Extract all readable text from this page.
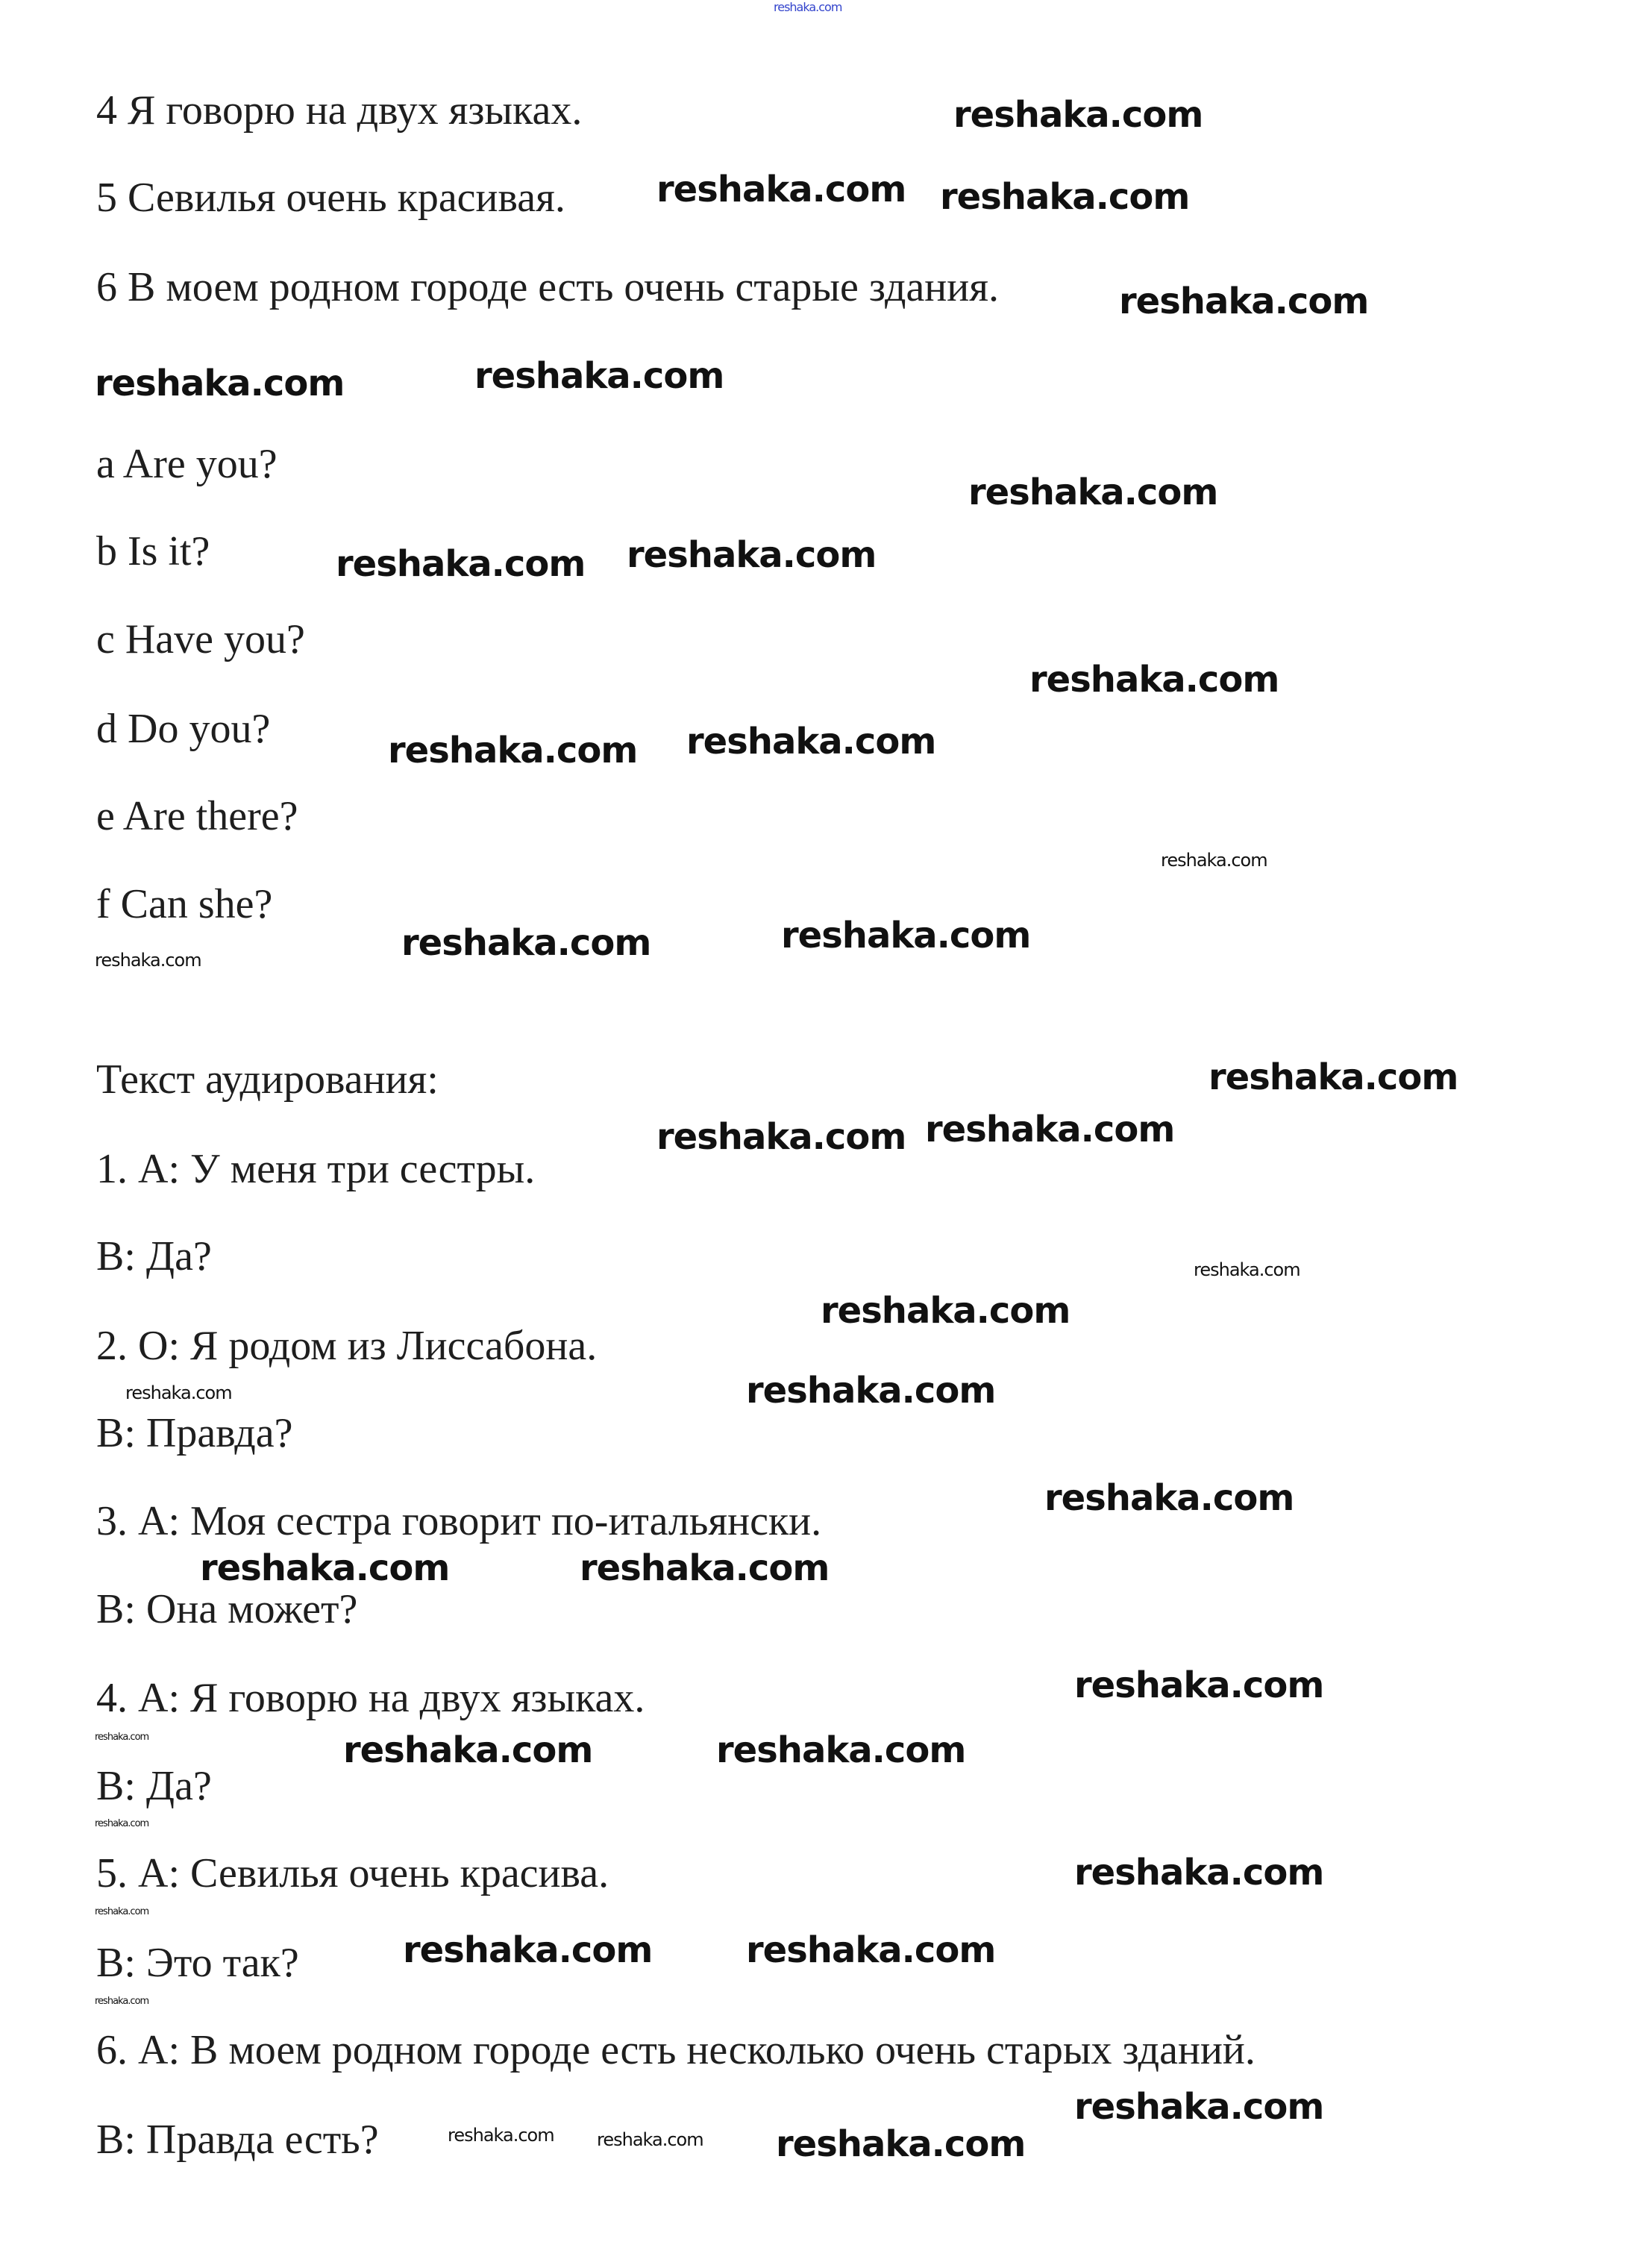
4 Я говорю на двух языках.
5 Севилья очень красивая.
6 В моем родном городе есть очень старые здания.
a Are you?
b Is it?
c Have you?
d Do you?
e Are there?
f Can she?
Текст аудирования:
1. А: У меня три сестры.
B: Да?
2. О: Я родом из Лиссабона.
B: Правда?
3. А: Моя сестра говорит по-итальянски.
B: Она может?
4. А: Я говорю на двух языках.
B: Да?
5. А: Севилья очень красива.
B: Это так?
6. А: В моем родном городе есть несколько очень старых зданий.
B: Правда есть?
reshaka.com
reshaka.com
reshaka.com
reshaka.com
reshaka.com
reshaka.com	reshaka.com
reshaka.com
reshaka.com reshaka.com
reshaka.com
reshaka.com reshaka.com
reshaka.com
reshaka.com	reshaka.com	reshaka.com
reshaka.com reshaka.com
reshaka.com
reshaka.com
reshaka.com
reshaka.com	reshaka.com
reshaka.com
reshaka.com	reshaka.com
reshaka.com
reshaka.com	reshaka.com	reshaka.com
reshaka.com
reshaka.com
reshaka.com
reshaka.com	reshaka.com
reshaka.com
reshaka.com
reshaka.com reshaka.com reshaka.com
